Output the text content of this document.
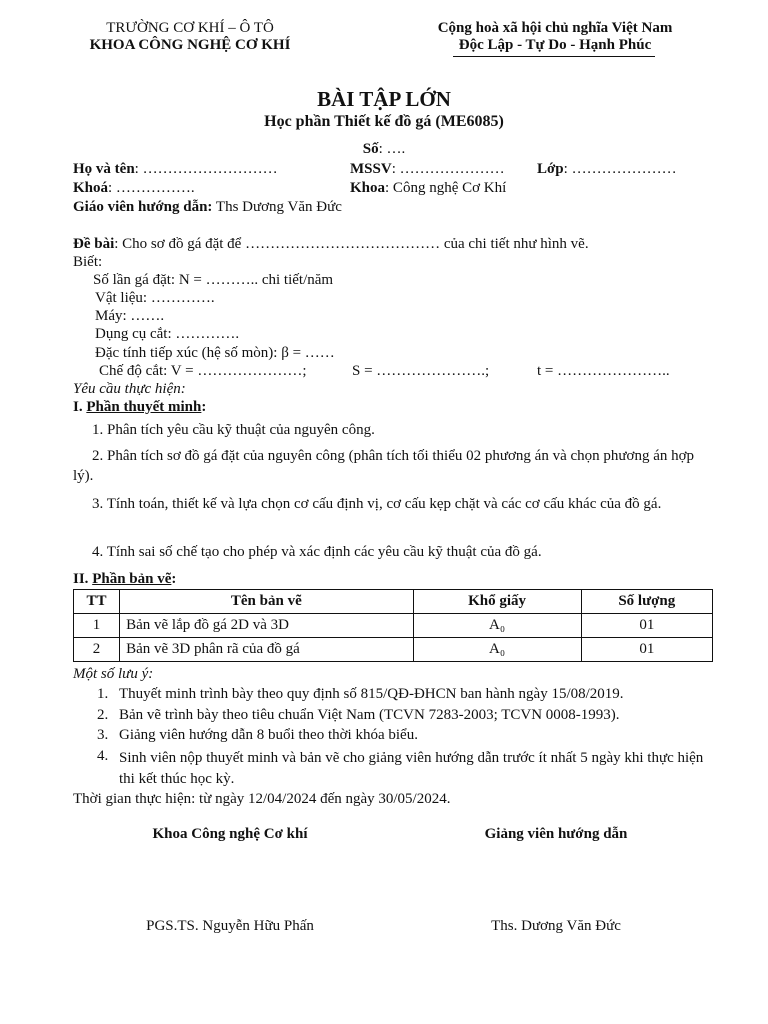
TRƯỜNG CƠ KHÍ – Ô TÔ
KHOA CÔNG NGHỆ CƠ KHÍ
Cộng hoà xã hội chủ nghĩa Việt Nam
Độc Lập - Tự Do - Hạnh Phúc
BÀI TẬP LỚN
Học phần Thiết kế đồ gá (ME6085)
Số: ….
Họ và tên: ………………………	MSSV: ………………… Lớp: …………………
Khoá: …………….	Khoa: Công nghệ Cơ Khí
Giáo viên hướng dẫn: Ths Dương Văn Đức
Đề bài: Cho sơ đồ gá đặt để ………………………………… của chi tiết như hình vẽ.
Biết:
Số lần gá đặt: N = ……….. chi tiết/năm
Vật liệu: ………….
Máy: …….
Dụng cụ cắt: ………….
Đặc tính tiếp xúc (hệ số mòn): β = ……
Chế độ cắt: V = …………………;	S = ………………….;	t = …………………..
Yêu cầu thực hiện:
I. Phần thuyết minh:
1. Phân tích yêu cầu kỹ thuật của nguyên công.
2. Phân tích sơ đồ gá đặt của nguyên công (phân tích tối thiểu 02 phương án và chọn phương án hợp lý).
3. Tính toán, thiết kế và lựa chọn cơ cấu định vị, cơ cấu kẹp chặt và các cơ cấu khác của đồ gá.
4. Tính sai số chế tạo cho phép và xác định các yêu cầu kỹ thuật của đồ gá.
II. Phần bản vẽ:
TT	Tên bản vẽ	Khổ giấy	Số lượng
1	Bản vẽ lắp đồ gá 2D và 3D	A₀	01
2	Bản vẽ 3D phân rã của đồ gá	A₀	01
Một số lưu ý:
1. Thuyết minh trình bày theo quy định số 815/QĐ-ĐHCN ban hành ngày 15/08/2019.
2. Bản vẽ trình bày theo tiêu chuẩn Việt Nam (TCVN 7283-2003; TCVN 0008-1993).
3. Giảng viên hướng dẫn 8 buổi theo thời khóa biểu.
4. Sinh viên nộp thuyết minh và bản vẽ cho giảng viên hướng dẫn trước ít nhất 5 ngày khi thực hiện thi kết thúc học kỳ.
Thời gian thực hiện: từ ngày 12/04/2024 đến ngày 30/05/2024.
Khoa Công nghệ Cơ khí	Giảng viên hướng dẫn
PGS.TS. Nguyễn Hữu Phấn	Ths. Dương Văn Đức
